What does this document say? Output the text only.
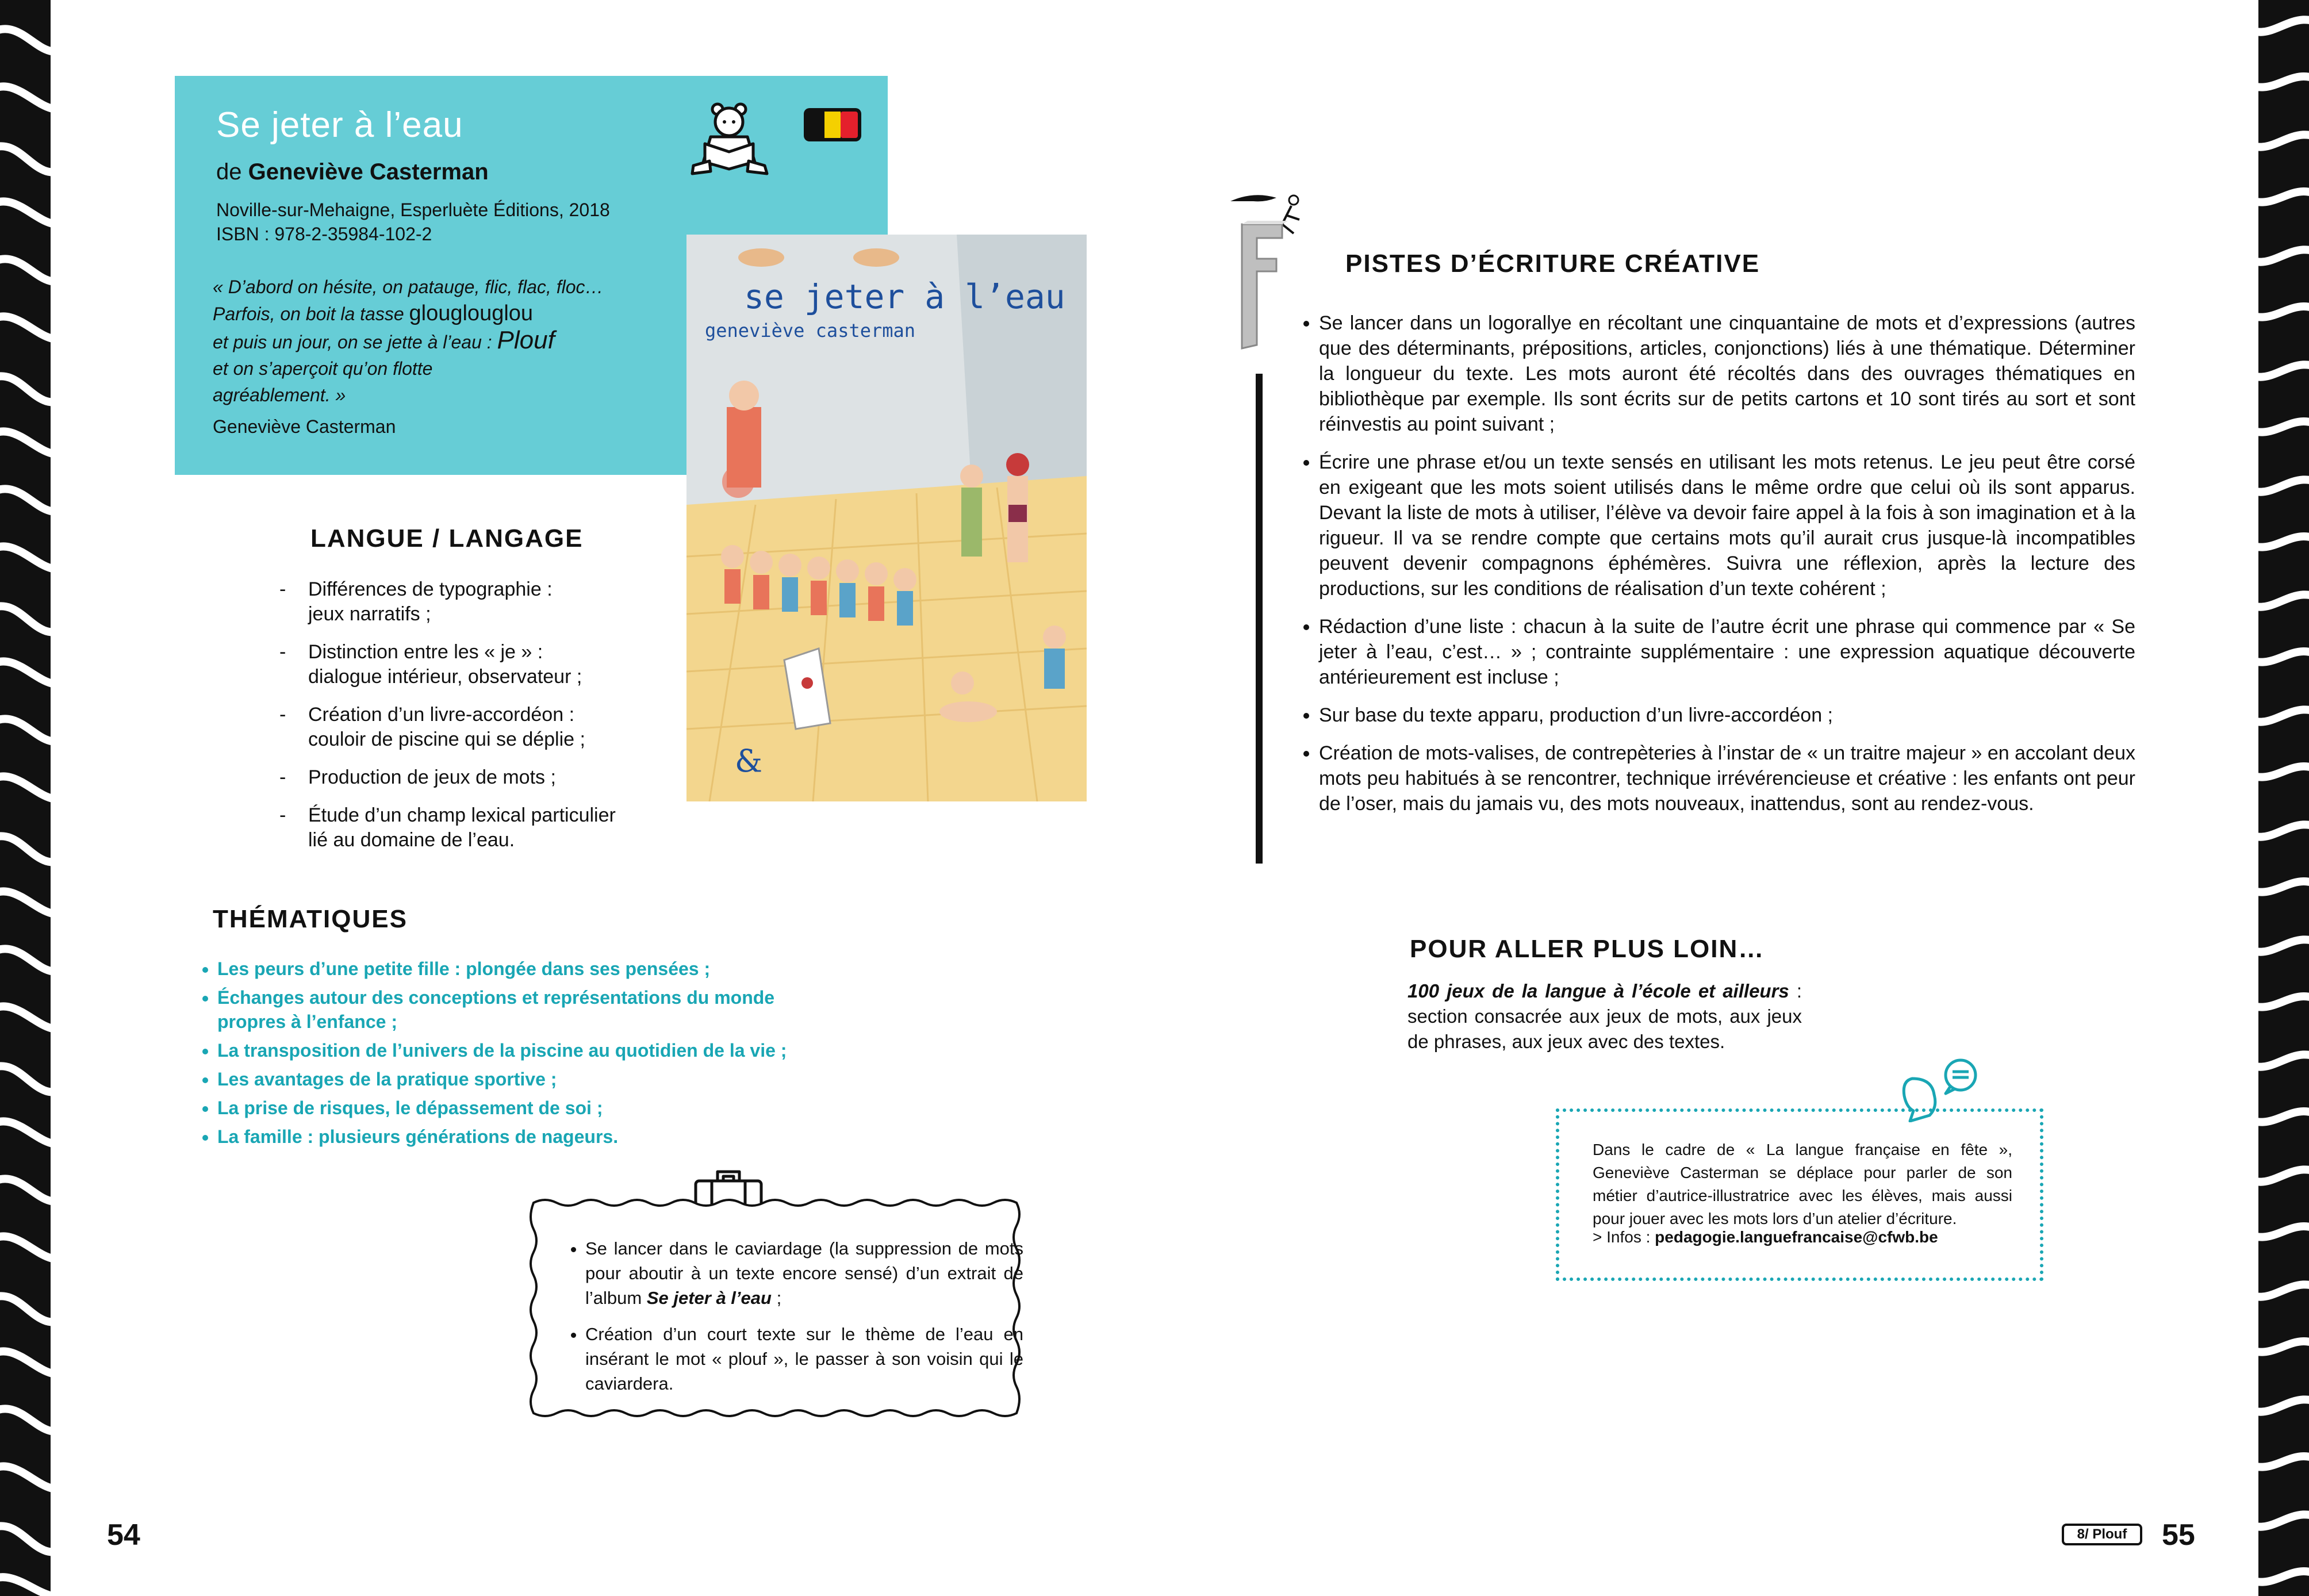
Se jeter à l’eau
de Geneviève Casterman
Noville-sur-Mehaigne, Esperluète Éditions, 2018
ISBN : 978-2-35984-102-2
« D’abord on hésite, on pataugе, flic, flac, floc…
Parfois, on boit la tasse glouglouglou
et puis un jour, on se jette à l’eau : Plouf
et on s’aperçoit qu’on flotte
agréablement. »
Geneviève Casterman
se jeter à l’eau
geneviève casterman
&
LANGUE / LANGAGE
- Différences de typographie :
jeux narratifs ;
- Distinction entre les « je » :
dialogue intérieur, observateur ;
- Création d’un livre-accordéon :
couloir de piscine qui se déplie ;
- Production de jeux de mots ;
- Étude d’un champ lexical particulier
lié au domaine de l’eau.
THÉMATIQUES
• Les peurs d’une petite fille : plongée dans ses pensées ;
• Échanges autour des conceptions et représentations du monde
propres à l’enfance ;
• La transposition de l’univers de la piscine au quotidien de la vie ;
• Les avantages de la pratique sportive ;
• La prise de risques, le dépassement de soi ;
• La famille : plusieurs générations de nageurs.
• Se lancer dans le caviardage (la suppression de mots pour aboutir à un texte encore sensé) d’un extrait de l’album Se jeter à l’eau ;
• Création d’un court texte sur le thème de l’eau en insérant le mot « plouf », le passer à son voisin qui le caviardera.
PISTES D’ÉCRITURE CRÉATIVE
• Se lancer dans un logorallye en récoltant une cinquantaine de mots et d’expressions (autres que des déterminants, prépositions, articles, conjonctions) liés à une thématique. Déterminer la longueur du texte. Les mots auront été récoltés dans des ouvrages thématiques en bibliothèque par exemple. Ils sont écrits sur de petits cartons et 10 sont tirés au sort et sont réinvestis au point suivant ;
• Écrire une phrase et/ou un texte sensés en utilisant les mots retenus. Le jeu peut être corsé en exigeant que les mots soient utilisés dans le même ordre que celui où ils sont apparus. Devant la liste de mots à utiliser, l’élève va devoir faire appel à la fois à son imagination et à la rigueur. Il va se rendre compte que certains mots qu’il aurait crus jusque-là incompatibles peuvent devenir compagnons éphémères. Suivra une réflexion, après la lecture des productions, sur les conditions de réalisation d’un texte cohérent ;
• Rédaction d’une liste : chacun à la suite de l’autre écrit une phrase qui commence par « Se jeter à l’eau, c’est… » ; contrainte supplémentaire : une expression aquatique découverte antérieurement est incluse ;
• Sur base du texte apparu, production d’un livre-accordéon ;
• Création de mots-valises, de contrepèteries à l’instar de « un traitre majeur » en accolant deux mots peu habitués à se rencontrer, technique irrévérencieuse et créative : les enfants ont peur de l’oser, mais du jamais vu, des mots nouveaux, inattendus, sont au rendez-vous.
POUR ALLER PLUS LOIN…
100 jeux de la langue à l’école et ailleurs : section consacrée aux jeux de mots, aux jeux de phrases, aux jeux avec des textes.
Dans le cadre de « La langue française en fête », Geneviève Casterman se déplace pour parler de son métier d’autrice-illustratrice avec les élèves, mais aussi pour jouer avec les mots lors d’un atelier d’écriture.
> Infos : pedagogie.languefrancaise@cfwb.be
54	8/ Plouf	55
